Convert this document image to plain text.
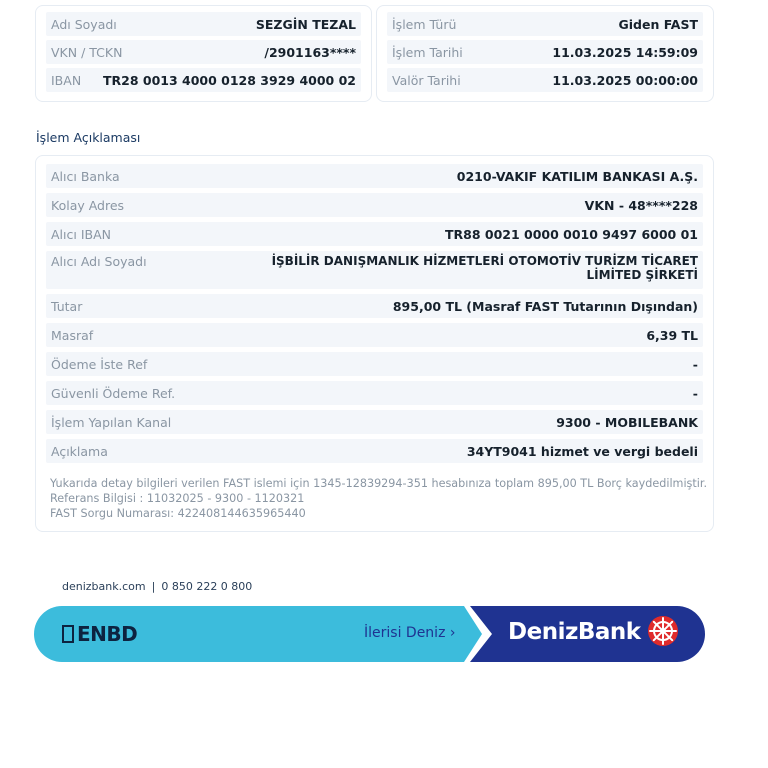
Adı Soyadı	SEZGİN TEZAL
VKN / TCKN	/2901163****
IBAN TR28 0013 4000 0128 3929 4000 02
İşlem Türü	Giden FAST
İşlem Tarihi	11.03.2025 14:59:09
Valör Tarihi	11.03.2025 00:00:00
İşlem Açıklaması
Alıcı Banka	0210-VAKIF KATILIM BANKASI A.Ş.
Kolay Adres	VKN - 48****228
Alıcı IBAN	TR88 0021 0000 0010 9497 6000 01
Alıcı Adı Soyadı	İŞBİLİR DANIŞMANLIK HİZMETLERİ OTOMOTİV TURİZM TİCARET
LİMİTED ŞİRKETİ
Tutar	895,00 TL (Masraf FAST Tutarının Dışından)
Masraf	6,39 TL
Ödeme İste Ref	-
Güvenli Ödeme Ref.	-
İşlem Yapılan Kanal	9300 - MOBILEBANK
Açıklama	34YT9041 hizmet ve vergi bedeli
Yukarıda detay bilgileri verilen FAST islemi için 1345-12839294-351 hesabınıza toplam 895,00 TL Borç kaydedilmiştir.
Referans Bilgisi : 11032025 - 9300 - 1120321
FAST Sorgu Numarası: 422408144635965440
denizbank.com | 0 850 222 0 800
ENBD	İlerisi Deniz › DenizBank
